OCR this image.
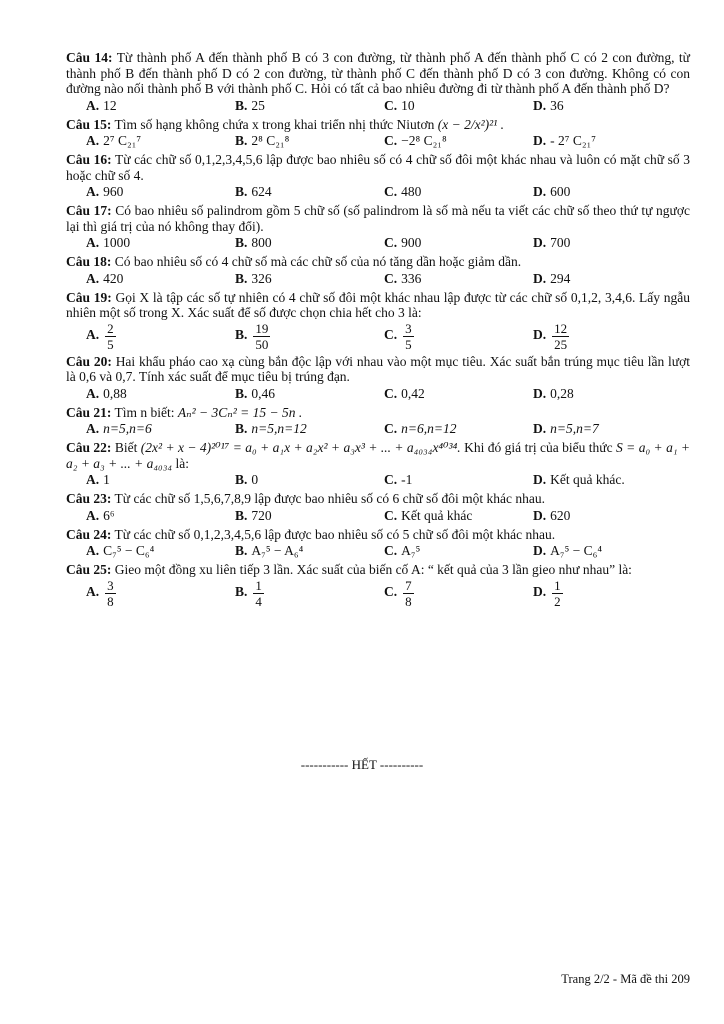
Câu 14: Từ thành phố A đến thành phố B có 3 con đường, từ thành phố A đến thành phố C có 2 con đường, từ thành phố B đến thành phố D có 2 con đường, từ thành phố C đến thành phố D có 3 con đường. Không có con đường nào nối thành phố B với thành phố C. Hỏi có tất cả bao nhiêu đường đi từ thành phố A đến thành phố D?
A. 12	B. 25	C. 10	D. 36
Câu 15: Tìm số hạng không chứa x trong khai triển nhị thức Niutơn (x − 2/x²)²¹ .
A. 2⁷ C₂₁⁷	B. 2⁸ C₂₁⁸	C. −2⁸ C₂₁⁸	D. - 2⁷ C₂₁⁷
Câu 16: Từ các chữ số 0,1,2,3,4,5,6 lập được bao nhiêu số có 4 chữ số đôi một khác nhau và luôn có mặt chữ số 3 hoặc chữ số 4.
A. 960	B. 624	C. 480	D. 600
Câu 17: Có bao nhiêu số palindrom gồm 5 chữ số (số palindrom là số mà nếu ta viết các chữ số theo thứ tự ngược lại thì giá trị của nó không thay đổi).
A. 1000	B. 800	C. 900	D. 700
Câu 18: Có bao nhiêu số có 4 chữ số mà các chữ số của nó tăng dần hoặc giảm dần.
A. 420	B. 326	C. 336	D. 294
Câu 19: Gọi X là tập các số tự nhiên có 4 chữ số đôi một khác nhau lập được từ các chữ số 0,1,2, 3,4,6. Lấy ngẫu nhiên một số trong X. Xác suất để số được chọn chia hết cho 3 là:
A. $\frac{2}{5}$	B. $\frac{19}{50}$	C. $\frac{3}{5}$	D. $\frac{12}{25}$
Câu 20: Hai khẩu pháo cao xạ cùng bắn độc lập với nhau vào một mục tiêu. Xác suất bắn trúng mục tiêu lần lượt là 0,6 và 0,7. Tính xác suất để mục tiêu bị trúng đạn.
A. 0,88	B. 0,46	C. 0,42	D. 0,28
Câu 21: Tìm n biết: Aₙ² − 3Cₙ² = 15 − 5n .
A. n=5,n=6	B. n=5,n=12	C. n=6,n=12	D. n=5,n=7
Câu 22: Biết (2x² + x − 4)²⁰¹⁷ = a₀ + a₁x + a₂x² + a₃x³ + ... + a₄₀₃₄x⁴⁰³⁴. Khi đó giá trị của biểu thức S = a₀ + a₁ + a₂ + a₃ + ... + a₄₀₃₄ là:
A. 1	B. 0	C. -1	D. Kết quả khác.
Câu 23: Từ các chữ số 1,5,6,7,8,9 lập được bao nhiêu số có 6 chữ số đôi một khác nhau.
A. 6⁶	B. 720	C. Kết quả khác	D. 620
Câu 24: Từ các chữ số 0,1,2,3,4,5,6 lập được bao nhiêu số có 5 chữ số đôi một khác nhau.
A. C₇⁵ − C₆⁴	B. A₇⁵ − A₆⁴	C. A₇⁵	D. A₇⁵ − C₆⁴
Câu 25: Gieo một đồng xu liên tiếp 3 lần. Xác suất của biến cố A: “ kết quả của 3 lần gieo như nhau” là:
A. $\frac{3}{8}$	B. $\frac{1}{4}$	C. $\frac{7}{8}$	D. $\frac{1}{2}$
----------- HẾT ----------
Trang 2/2 - Mã đề thi 209
